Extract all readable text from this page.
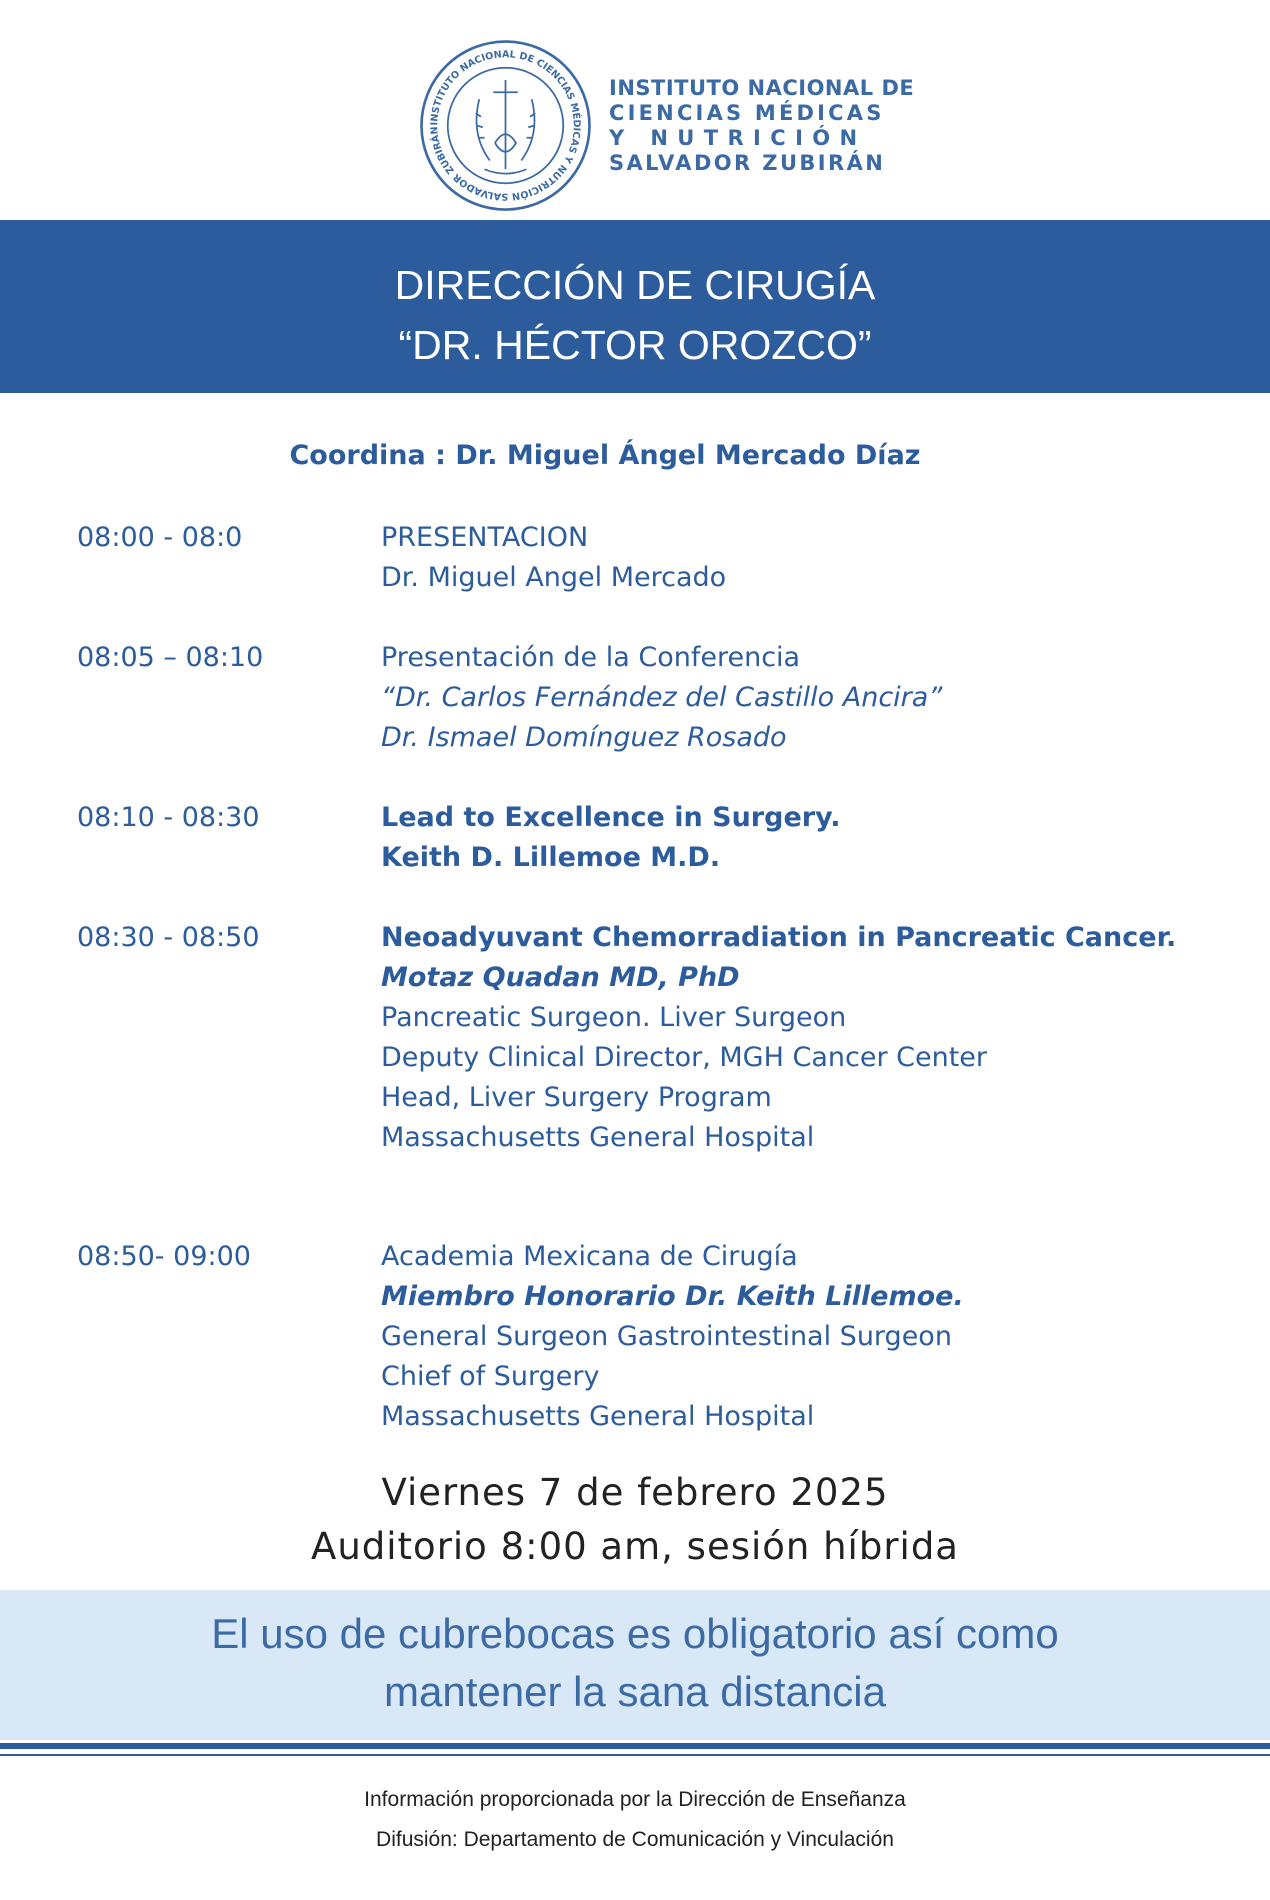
INSTITUTO NACIONAL DE CIENCIAS MÉDICAS Y NUTRICIÓN SALVADOR ZUBIRÁN
INSTITUTO NACIONAL DE
CIENCIAS MÉDICAS
Y NUTRICIÓN
SALVADOR ZUBIRÁN
DIRECCIÓN DE CIRUGÍA
“DR. HÉCTOR OROZCO”
Coordina : Dr. Miguel Ángel Mercado Díaz
08:00 - 08:0	PRESENTACION
Dr. Miguel Angel Mercado
08:05 – 08:10	Presentación de la Conferencia
“Dr. Carlos Fernández del Castillo Ancira”
Dr. Ismael Domínguez Rosado
08:10 - 08:30	Lead to Excellence in Surgery.
Keith D. Lillemoe M.D.
08:30 - 08:50	Neoadyuvant Chemorradiation in Pancreatic Cancer.
Motaz Quadan MD, PhD
Pancreatic Surgeon. Liver Surgeon
Deputy Clinical Director, MGH Cancer Center
Head, Liver Surgery Program
Massachusetts General Hospital
08:50- 09:00	Academia Mexicana de Cirugía
Miembro Honorario Dr. Keith Lillemoe.
General Surgeon Gastrointestinal Surgeon
Chief of Surgery
Massachusetts General Hospital
Viernes 7 de febrero 2025
Auditorio 8:00 am, sesión híbrida
El uso de cubrebocas es obligatorio así como
mantener la sana distancia
Información proporcionada por la Dirección de Enseñanza
Difusión: Departamento de Comunicación y Vinculación
